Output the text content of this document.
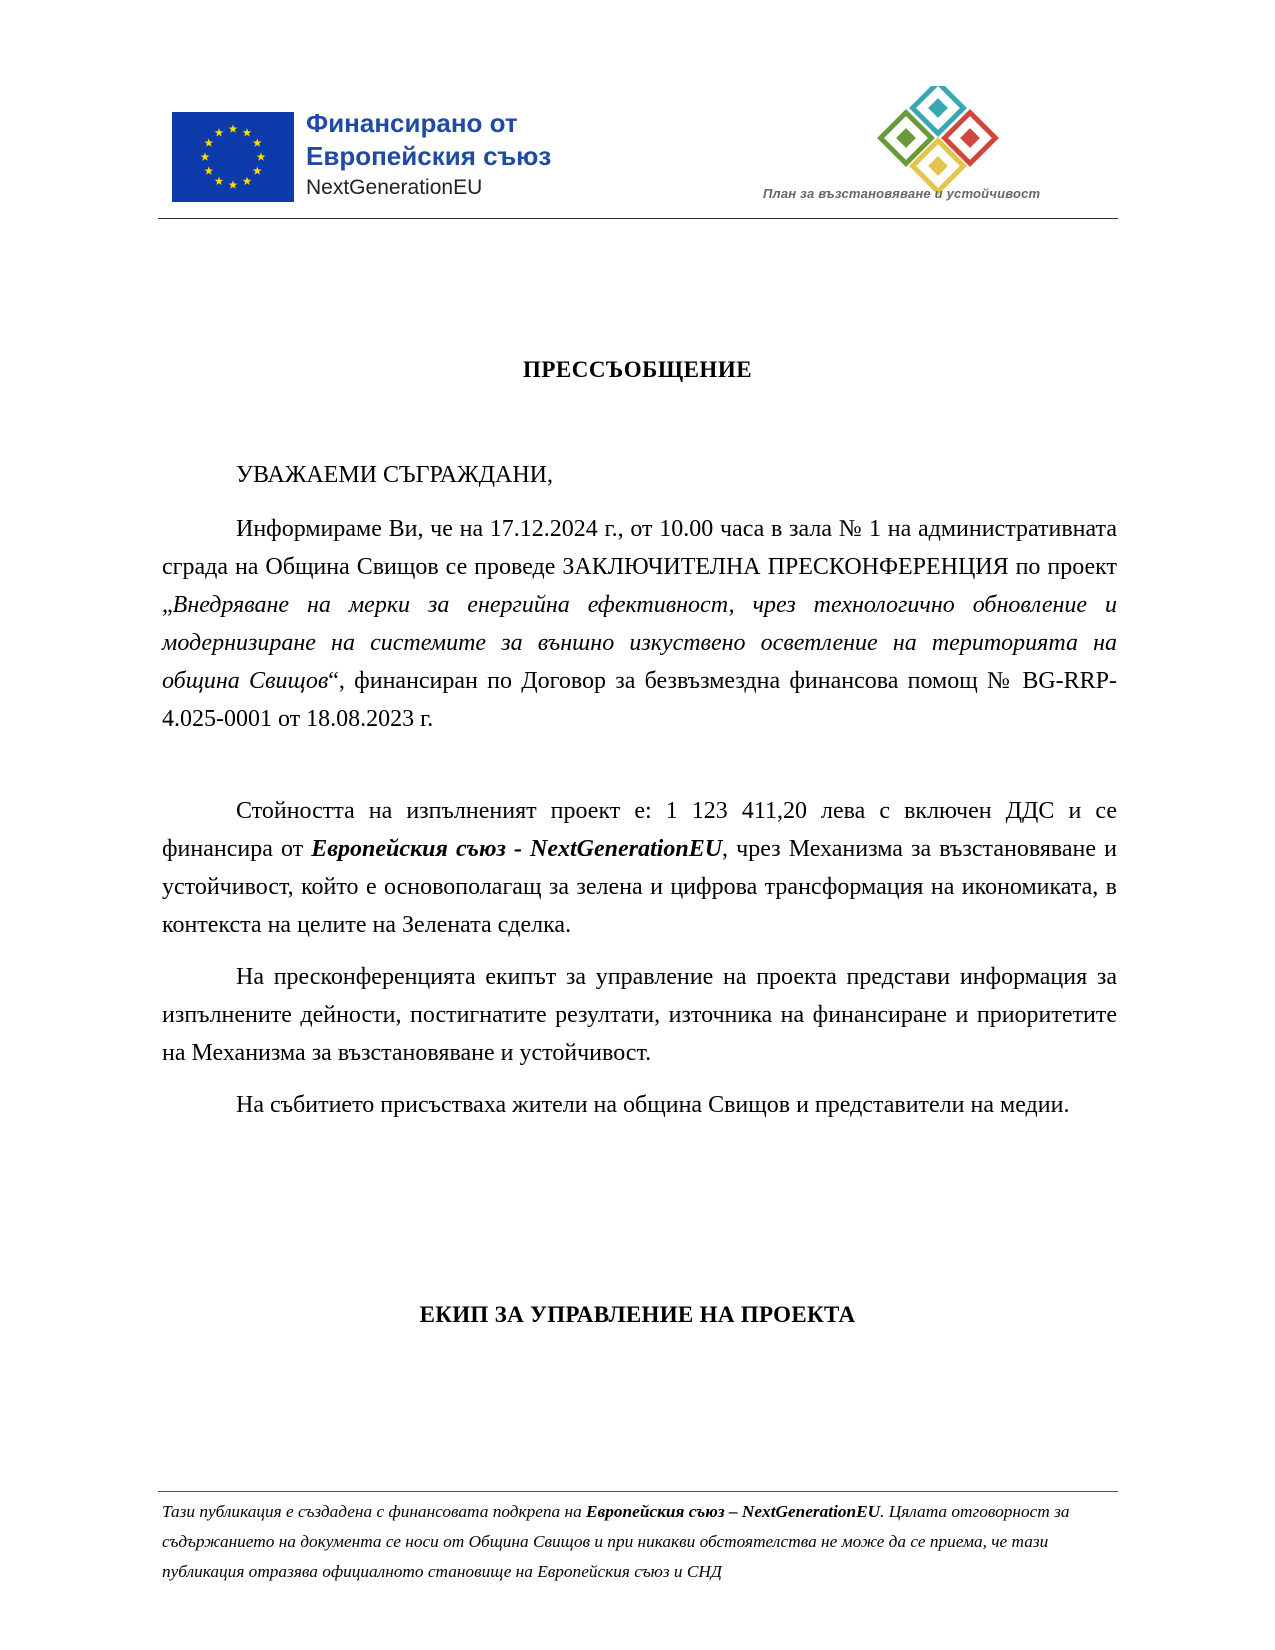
Финансирано от
Европейския съюз
NextGenerationEU	План за възстановяване и устойчивост
ПРЕССЪОБЩЕНИЕ
УВАЖАЕМИ СЪГРАЖДАНИ,

Информираме Ви, че на 17.12.2024 г., от 10.00 часа в зала № 1 на административната сграда на Община Свищов се проведе ЗАКЛЮЧИТЕЛНА ПРЕСКОНФЕРЕНЦИЯ по проект „Внедряване на мерки за енергийна ефективност, чрез технологично обновление и модернизиране на системите за външно изкуствено осветление на територията на община Свищов“, финансиран по Договор за безвъзмездна финансова помощ № BG-RRP-4.025-0001 от 18.08.2023 г.

Стойността на изпълненият проект е: 1 123 411,20 лева с включен ДДС и се финансира от Европейския съюз - NextGenerationEU, чрез Механизма за възстановяване и устойчивост, който е основополагащ за зелена и цифрова трансформация на икономиката, в контекста на целите на Зелената сделка.

На пресконференцията екипът за управление на проекта представи информация за изпълнените дейности, постигнатите резултати, източника на финансиране и приоритетите на Механизма за възстановяване и устойчивост.

На събитието присъстваха жители на община Свищов и представители на медии.

ЕКИП ЗА УПРАВЛЕНИЕ НА ПРОЕКТА

Тази публикация е създадена с финансовата подкрепа на Европейския съюз – NextGenerationEU. Цялата отговорност за съдържанието на документа се носи от Община Свищов и при никакви обстоятелства не може да се приема, че тази публикация отразява официалното становище на Европейския съюз и СНД
